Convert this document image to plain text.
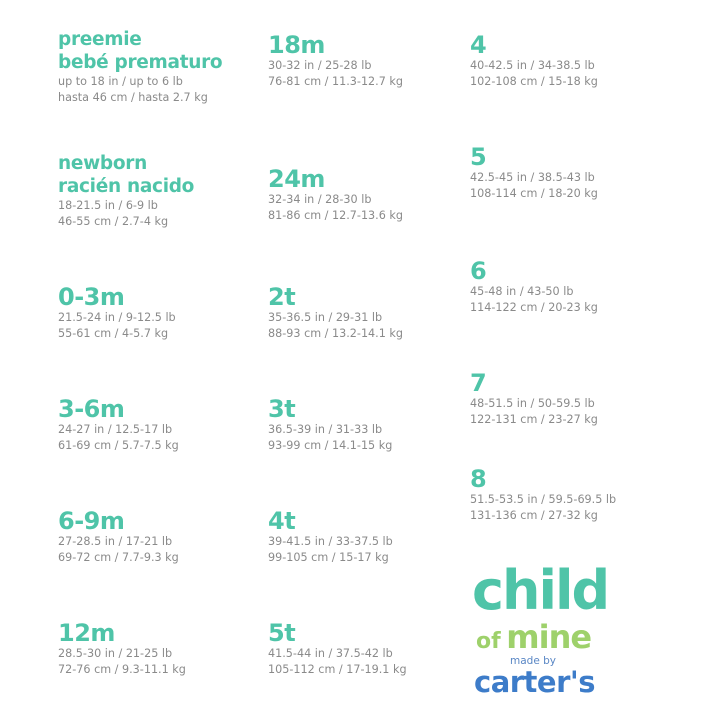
preemie
bebé prematuro
up to 18 in / up to 6 lb
hasta 46 cm / hasta 2.7 kg
newborn
racién nacido
18-21.5 in / 6-9 lb
46-55 cm / 2.7-4 kg
0-3m
21.5-24 in / 9-12.5 lb
55-61 cm / 4-5.7 kg
3-6m
24-27 in / 12.5-17 lb
61-69 cm / 5.7-7.5 kg
6-9m
27-28.5 in / 17-21 lb
69-72 cm / 7.7-9.3 kg
12m
28.5-30 in / 21-25 lb
72-76 cm / 9.3-11.1 kg
18m
30-32 in / 25-28 lb
76-81 cm / 11.3-12.7 kg
24m
32-34 in / 28-30 lb
81-86 cm / 12.7-13.6 kg
2t
35-36.5 in / 29-31 lb
88-93 cm / 13.2-14.1 kg
3t
36.5-39 in / 31-33 lb
93-99 cm / 14.1-15 kg
4t
39-41.5 in / 33-37.5 lb
99-105 cm / 15-17 kg
5t
41.5-44 in / 37.5-42 lb
105-112 cm / 17-19.1 kg
4
40-42.5 in / 34-38.5 lb
102-108 cm / 15-18 kg
5
42.5-45 in / 38.5-43 lb
108-114 cm / 18-20 kg
6
45-48 in / 43-50 lb
114-122 cm / 20-23 kg
7
48-51.5 in / 50-59.5 lb
122-131 cm / 23-27 kg
8
51.5-53.5 in / 59.5-69.5 lb
131-136 cm / 27-32 kg
child
of mine
made by
carter's
